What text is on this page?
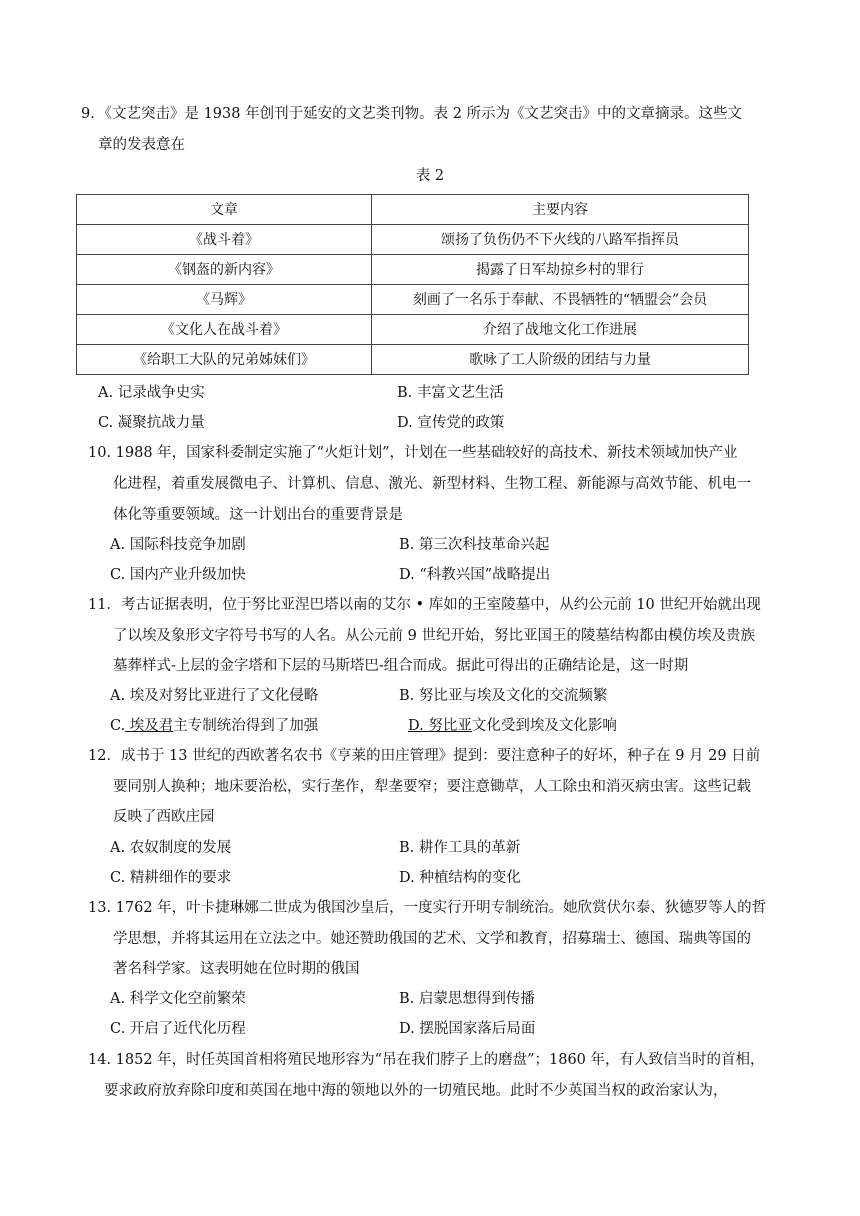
9．《文艺突击》是 1938 年创刊于延安的文艺类刊物。表 2 所示为《文艺突击》中的文章摘录。这些文
章的发表意在
表 2
文章	主要内容
《战斗着》	颂扬了负伤仍不下火线的八路军指挥员
《钢盔的新内容》	揭露了日军劫掠乡村的罪行
《马辉》	刻画了一名乐于奉献、不畏牺牲的“牺盟会”会员
《文化人在战斗着》	介绍了战地文化工作进展
《给职工大队的兄弟姊妹们》	歌咏了工人阶级的团结与力量
A. 记录战争史实	B. 丰富文艺生活
C. 凝聚抗战力量	D. 宣传党的政策
10. 1988 年，国家科委制定实施了“火炬计划”，计划在一些基础较好的高技术、新技术领域加快产业
化进程，着重发展微电子、计算机、信息、激光、新型材料、生物工程、新能源与高效节能、机电一
体化等重要领域。这一计划出台的重要背景是
A. 国际科技竞争加剧	B. 第三次科技革命兴起
C. 国内产业升级加快	D. “科教兴国”战略提出
11．考古证据表明，位于努比亚涅巴塔以南的艾尔 • 库如的王室陵墓中，从约公元前 10 世纪开始就出现
了以埃及象形文字符号书写的人名。从公元前 9 世纪开始，努比亚国王的陵墓结构都由模仿埃及贵族
墓葬样式-上层的金字塔和下层的马斯塔巴-组合而成。据此可得出的正确结论是，这一时期
A. 埃及对努比亚进行了文化侵略	B. 努比亚与埃及文化的交流频繁
C. 埃及君主专制统治得到了加强	D. 努比亚文化受到埃及文化影响
12．成书于 13 世纪的西欧著名农书《亨莱的田庄管理》提到：要注意种子的好坏，种子在 9 月 29 日前
要同别人换种；地床要治松，实行垄作，犁垄要窄；要注意锄草，人工除虫和消灭病虫害。这些记载
反映了西欧庄园
A. 农奴制度的发展	B. 耕作工具的革新
C. 精耕细作的要求	D. 种植结构的变化
13. 1762 年，叶卡捷琳娜二世成为俄国沙皇后，一度实行开明专制统治。她欣赏伏尔泰、狄德罗等人的哲
学思想，并将其运用在立法之中。她还赞助俄国的艺术、文学和教育，招募瑞士、德国、瑞典等国的
著名科学家。这表明她在位时期的俄国
A. 科学文化空前繁荣	B. 启蒙思想得到传播
C. 开启了近代化历程	D. 摆脱国家落后局面
14. 1852 年，时任英国首相将殖民地形容为“吊在我们脖子上的磨盘”；1860 年，有人致信当时的首相，
要求政府放弃除印度和英国在地中海的领地以外的一切殖民地。此时不少英国当权的政治家认为，
